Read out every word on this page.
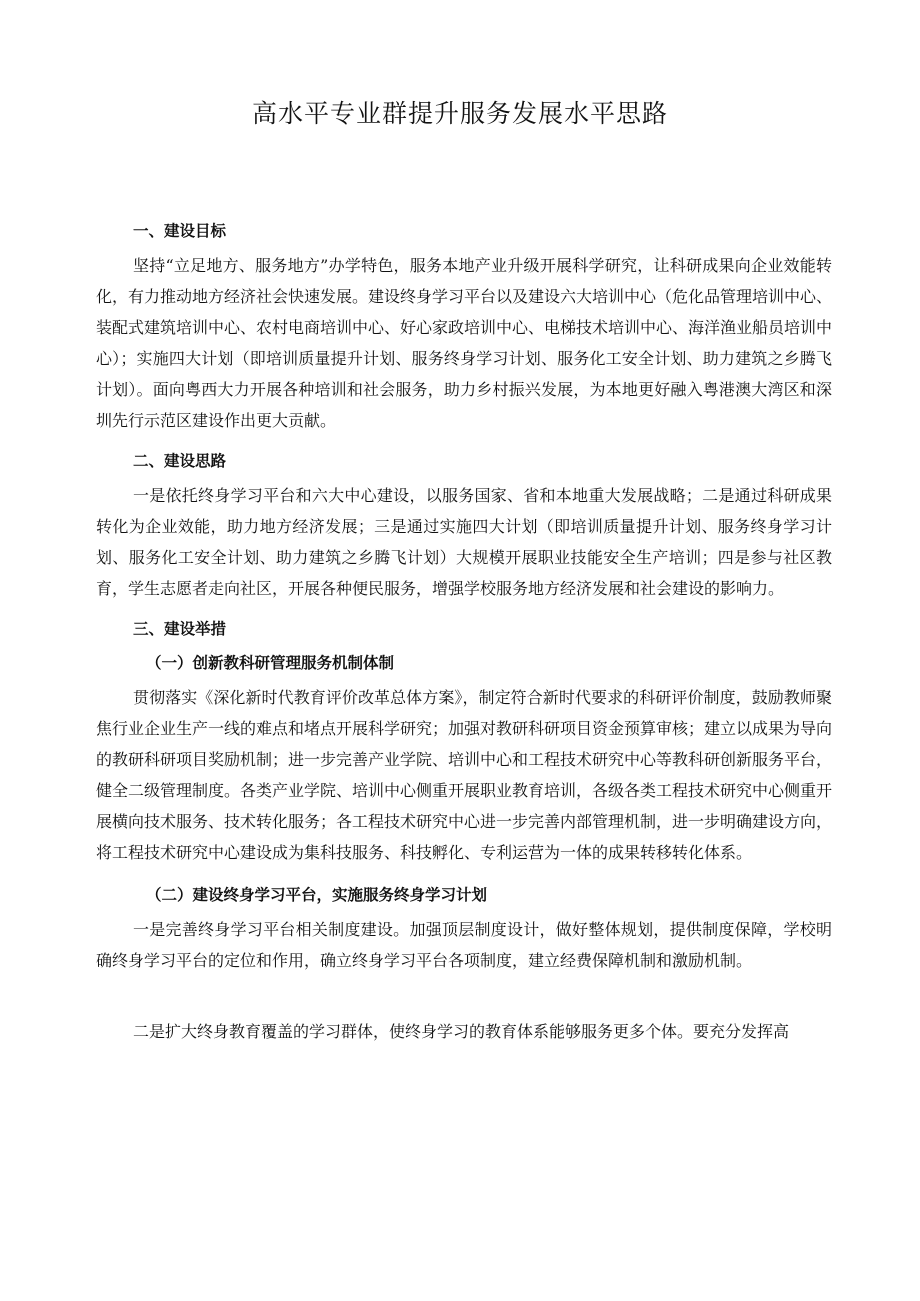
高水平专业群提升服务发展水平思路
一、建设目标

坚持“立足地方、服务地方”办学特色，服务本地产业升级开展科学研究，让科研成果向企业效能转化，有力推动地方经济社会快速发展。建设终身学习平台以及建设六大培训中心（危化品管理培训中心、装配式建筑培训中心、农村电商培训中心、好心家政培训中心、电梯技术培训中心、海洋渔业船员培训中心）；实施四大计划（即培训质量提升计划、服务终身学习计划、服务化工安全计划、助力建筑之乡腾飞计划）。面向粤西大力开展各种培训和社会服务，助力乡村振兴发展，为本地更好融入粤港澳大湾区和深圳先行示范区建设作出更大贡献。

二、建设思路

一是依托终身学习平台和六大中心建设，以服务国家、省和本地重大发展战略；二是通过科研成果转化为企业效能，助力地方经济发展；三是通过实施四大计划（即培训质量提升计划、服务终身学习计划、服务化工安全计划、助力建筑之乡腾飞计划）大规模开展职业技能安全生产培训；四是参与社区教育，学生志愿者走向社区，开展各种便民服务，增强学校服务地方经济发展和社会建设的影响力。

三、建设举措
（一）创新教科研管理服务机制体制

贯彻落实《深化新时代教育评价改革总体方案》，制定符合新时代要求的科研评价制度，鼓励教师聚焦行业企业生产一线的难点和堵点开展科学研究；加强对教研科研项目资金预算审核；建立以成果为导向的教研科研项目奖励机制；进一步完善产业学院、培训中心和工程技术研究中心等教科研创新服务平台，健全二级管理制度。各类产业学院、培训中心侧重开展职业教育培训，各级各类工程技术研究中心侧重开展横向技术服务、技术转化服务；各工程技术研究中心进一步完善内部管理机制，进一步明确建设方向，将工程技术研究中心建设成为集科技服务、科技孵化、专利运营为一体的成果转移转化体系。

（二）建设终身学习平台，实施服务终身学习计划

一是完善终身学习平台相关制度建设。加强顶层制度设计，做好整体规划，提供制度保障，学校明确终身学习平台的定位和作用，确立终身学习平台各项制度，建立经费保障机制和激励机制。

二是扩大终身教育覆盖的学习群体，使终身学习的教育体系能够服务更多个体。要充分发挥高
